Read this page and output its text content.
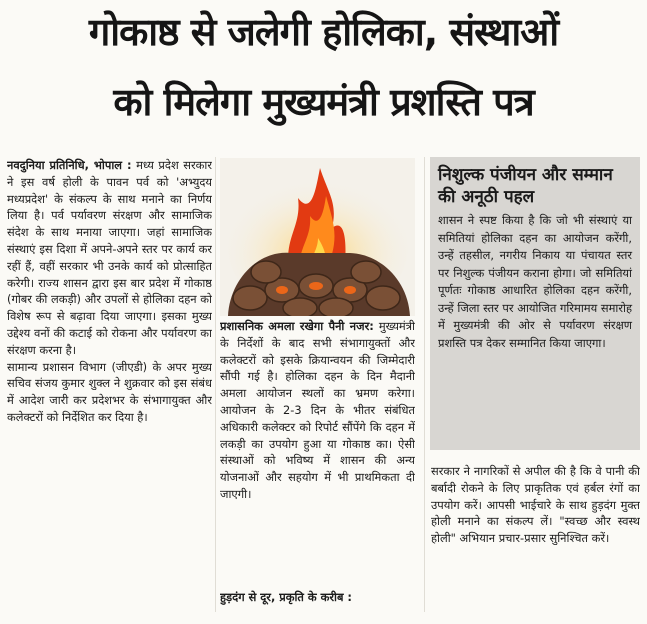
गोकाष्ठ से जलेगी होलिका, संस्थाओं
को मिलेगा मुख्यमंत्री प्रशस्ति पत्र

नवदुनिया प्रतिनिधि, भोपाल : मध्य प्रदेश सरकार ने इस वर्ष होली के पावन पर्व को 'अभ्युदय मध्यप्रदेश' के संकल्प के साथ मनाने का निर्णय लिया है। पर्व पर्यावरण संरक्षण और सामाजिक संदेश के साथ मनाया जाएगा। जहां सामाजिक संस्थाएं इस दिशा में अपने-अपने स्तर पर कार्य कर रहीं हैं, वहीं सरकार भी उनके कार्य को प्रोत्साहित करेगी। राज्य शासन द्वारा इस बार प्रदेश में गोकाष्ठ (गोबर की लकड़ी) और उपलों से होलिका दहन को विशेष रूप से बढ़ावा दिया जाएगा। इसका मुख्य उद्देश्य वनों की कटाई को रोकना और पर्यावरण का संरक्षण करना है।

सामान्य प्रशासन विभाग (जीएडी) के अपर मुख्य सचिव संजय कुमार शुक्ल ने शुक्रवार को इस संबंध में आदेश जारी कर प्रदेशभर के संभागायुक्त और कलेक्टरों को निर्देशित कर दिया है।

प्रशासनिक अमला रखेगा पैनी नजर: मुख्यमंत्री के निर्देशों के बाद सभी संभागायुक्तों और कलेक्टरों को इसके क्रियान्वयन की जिम्मेदारी सौंपी गई है। होलिका दहन के दिन मैदानी अमला आयोजन स्थलों का भ्रमण करेगा। आयोजन के 2-3 दिन के भीतर संबंधित अधिकारी कलेक्टर को रिपोर्ट सौंपेंगे कि दहन में लकड़ी का उपयोग हुआ या गोकाष्ठ का। ऐसी संस्थाओं को भविष्य में शासन की अन्य योजनाओं और सहयोग में भी प्राथमिकता दी जाएगी।

हुड़दंग से दूर, प्रकृति के करीब :
निशुल्क पंजीयन और सम्मान की अनूठी पहल
शासन ने स्पष्ट किया है कि जो भी संस्थाएं या समितियां होलिका दहन का आयोजन करेंगी, उन्हें तहसील, नगरीय निकाय या पंचायत स्तर पर निशुल्क पंजीयन कराना होगा। जो समितियां पूर्णतः गोकाष्ठ आधारित होलिका दहन करेंगी, उन्हें जिला स्तर पर आयोजित गरिमामय समारोह में मुख्यमंत्री की ओर से पर्यावरण संरक्षण प्रशस्ति पत्र देकर सम्मानित किया जाएगा।

सरकार ने नागरिकों से अपील की है कि वे पानी की बर्बादी रोकने के लिए प्राकृतिक एवं हर्बल रंगों का उपयोग करें। आपसी भाईचारे के साथ हुड़दंग मुक्त होली मनाने का संकल्प लें। "स्वच्छ और स्वस्थ होली" अभियान प्रचार-प्रसार सुनिश्चित करें।
